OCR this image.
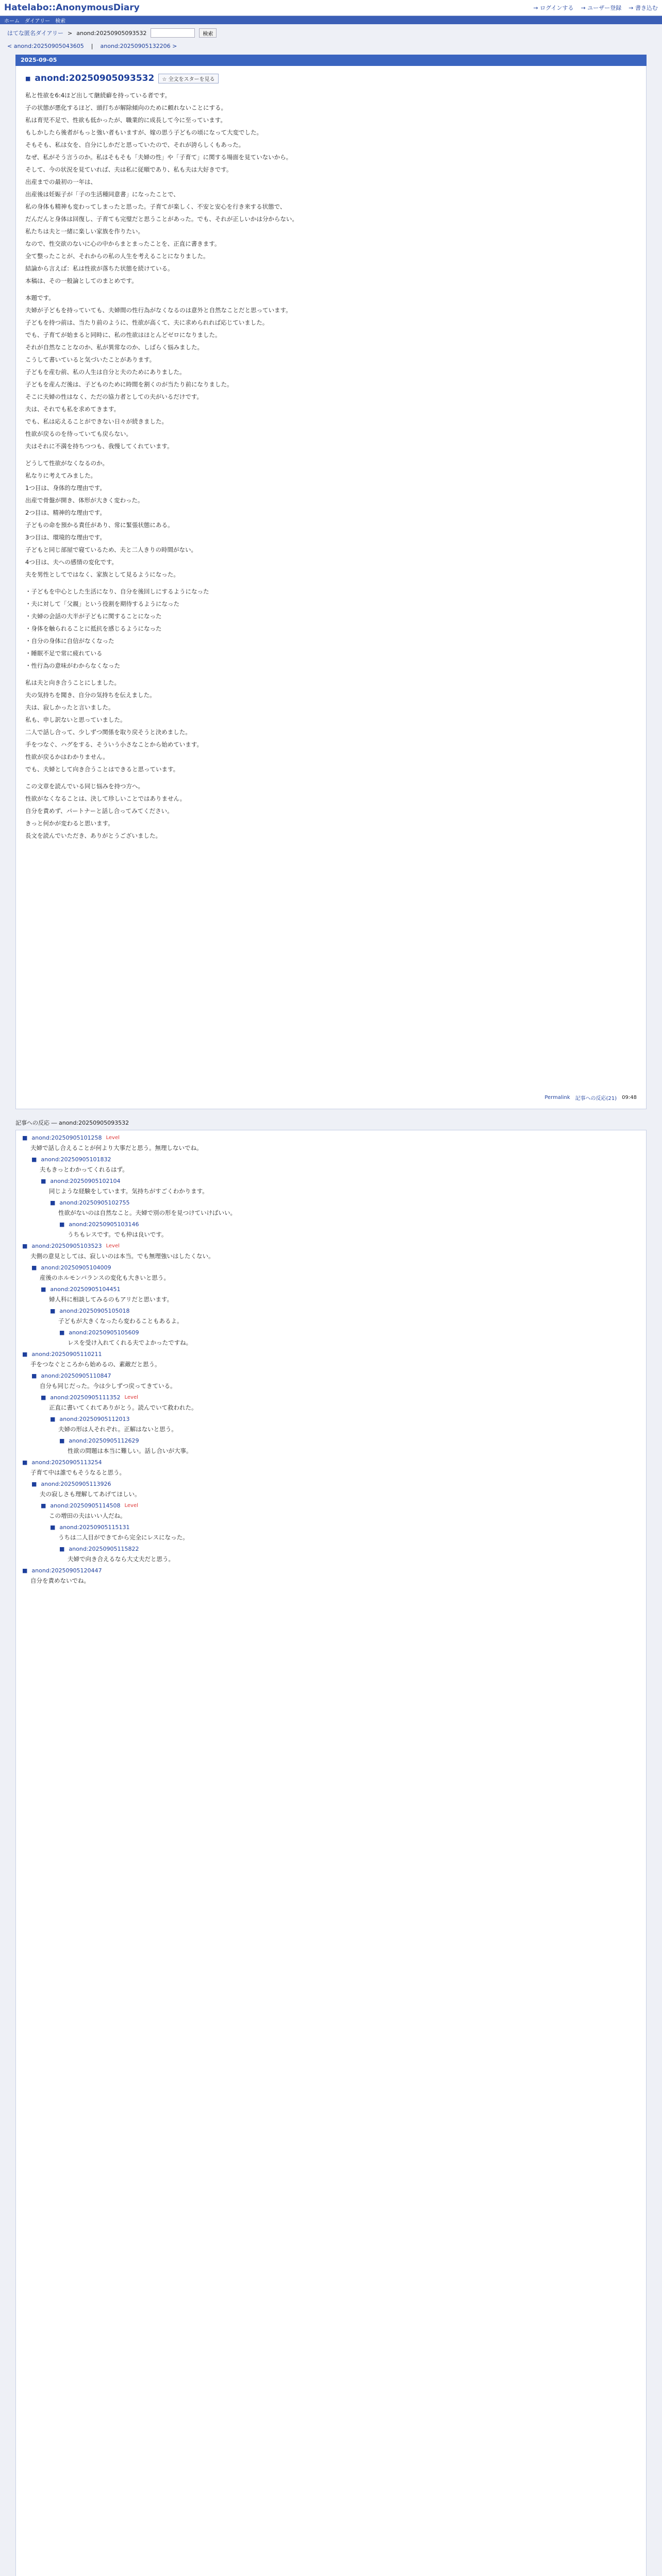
Hatelabo::AnonymousDiary	→ ログインする → ユーザー登録 → 書き込む
ホーム ダイアリー 検索
はてな匿名ダイアリー > anond:20250905093532	検索
< anond:20250905043605 | anond:20250905132206 >
2025-09-05
■ anond:20250905093532	☆ 全文をスターを見る

私と性欲を6:4ほど出して継続癖を持っている者です。

子の状態が悪化するほど、頭打ちが解除傾向のために頼れないことにする。

私は育児不足で、性欲も低かったが、職業的に成長して今に至っています。

もしかしたら後者がもっと強い者もいますが、嫁の思う子どもの頃になって大変でした。

そもそも、私は女を、自分にしかだと思っていたので、それが誇らしくもあった。

なぜ、私がそう言うのか。私はそもそも「夫婦の性」や「子育て」に関する場面を見ていないから。

そして、今の状況を見ていれば、夫は私に従順であり、私も夫は大好きです。

出産までの最初の一年は、

出産後は妊娠子が「子の生活種同意書」になったことで、

私の身体も精神も変わってしまったと思った。子育てが楽しく、不安と安心を行き来する状態で、

だんだんと身体は回復し、子育ても完璧だと思うことがあった。でも、それが正しいかは分からない。

私たちは夫と一緒に楽しい家族を作りたい。

なので、性交欲のないに心の中からまとまったことを、正直に書きます。

全て整ったことが、それからの私の人生を考えることになりました。

結論から言えば：私は性欲が落ちた状態を続けている。

本稿は、その一般論としてのまとめです。

本題です。

夫婦が子どもを持っていても、夫婦間の性行為がなくなるのは意外と自然なことだと思っています。

子どもを持つ前は、当たり前のように、性欲が高くて、夫に求められれば応じていました。

でも、子育てが始まると同時に、私の性欲はほとんどゼロになりました。

それが自然なことなのか、私が異常なのか、しばらく悩みました。

こうして書いていると気づいたことがあります。

子どもを産む前、私の人生は自分と夫のためにありました。

子どもを産んだ後は、子どものために時間を割くのが当たり前になりました。

そこに夫婦の性はなく、ただの協力者としての夫がいるだけです。

夫は、それでも私を求めてきます。

でも、私は応えることができない日々が続きました。

性欲が戻るのを待っていても戻らない。

夫はそれに不満を持ちつつも、我慢してくれています。

どうして性欲がなくなるのか。

私なりに考えてみました。

1つ目は、身体的な理由です。

出産で骨盤が開き、体形が大きく変わった。

2つ目は、精神的な理由です。

子どもの命を預かる責任があり、常に緊張状態にある。

3つ目は、環境的な理由です。

子どもと同じ部屋で寝ているため、夫と二人きりの時間がない。

4つ目は、夫への感情の変化です。

夫を男性としてではなく、家族として見るようになった。

・子どもを中心とした生活になり、自分を後回しにするようになった

・夫に対して「父親」という役割を期待するようになった

・夫婦の会話の大半が子どもに関することになった

・身体を触られることに抵抗を感じるようになった

・自分の身体に自信がなくなった

・睡眠不足で常に疲れている

・性行為の意味がわからなくなった

私は夫と向き合うことにしました。

夫の気持ちを聞き、自分の気持ちを伝えました。

夫は、寂しかったと言いました。

私も、申し訳ないと思っていました。

二人で話し合って、少しずつ関係を取り戻そうと決めました。

手をつなぐ、ハグをする、そういう小さなことから始めています。

性欲が戻るかはわかりません。

でも、夫婦として向き合うことはできると思っています。

この文章を読んでいる同じ悩みを持つ方へ。

性欲がなくなることは、決して珍しいことではありません。

自分を責めず、パートナーと話し合ってみてください。

きっと何かが変わると思います。

長文を読んでいただき、ありがとうございました。

Permalink 記事への反応(21) 09:48
記事への反応 ― anond:20250905093532
■ anond:20250905101258 Level
夫婦で話し合えることが何より大事だと思う。無理しないでね。
■ anond:20250905101832
夫もきっとわかってくれるはず。
■ anond:20250905102104
同じような経験をしています。気持ちがすごくわかります。
■ anond:20250905102755
性欲がないのは自然なこと。夫婦で別の形を見つけていけばいい。
■ anond:20250905103146
うちもレスです。でも仲は良いです。
■ anond:20250905103523 Level
夫側の意見としては、寂しいのは本当。でも無理強いはしたくない。
■ anond:20250905104009
産後のホルモンバランスの変化も大きいと思う。
■ anond:20250905104451
婦人科に相談してみるのもアリだと思います。
■ anond:20250905105018
子どもが大きくなったら変わることもあるよ。
■ anond:20250905105609
レスを受け入れてくれる夫でよかったですね。
■ anond:20250905110211
手をつなぐところから始めるの、素敵だと思う。
■ anond:20250905110847
自分も同じだった。今は少しずつ戻ってきている。
■ anond:20250905111352 Level
正直に書いてくれてありがとう。読んでいて救われた。
■ anond:20250905112013
夫婦の形は人それぞれ。正解はないと思う。
■ anond:20250905112629
性欲の問題は本当に難しい。話し合いが大事。
■ anond:20250905113254
子育て中は誰でもそうなると思う。
■ anond:20250905113926
夫の寂しさも理解してあげてほしい。
■ anond:20250905114508 Level
この増田の夫はいい人だね。
■ anond:20250905115131
うちは二人目ができてから完全にレスになった。
■ anond:20250905115822
夫婦で向き合えるなら大丈夫だと思う。
■ anond:20250905120447
自分を責めないでね。
